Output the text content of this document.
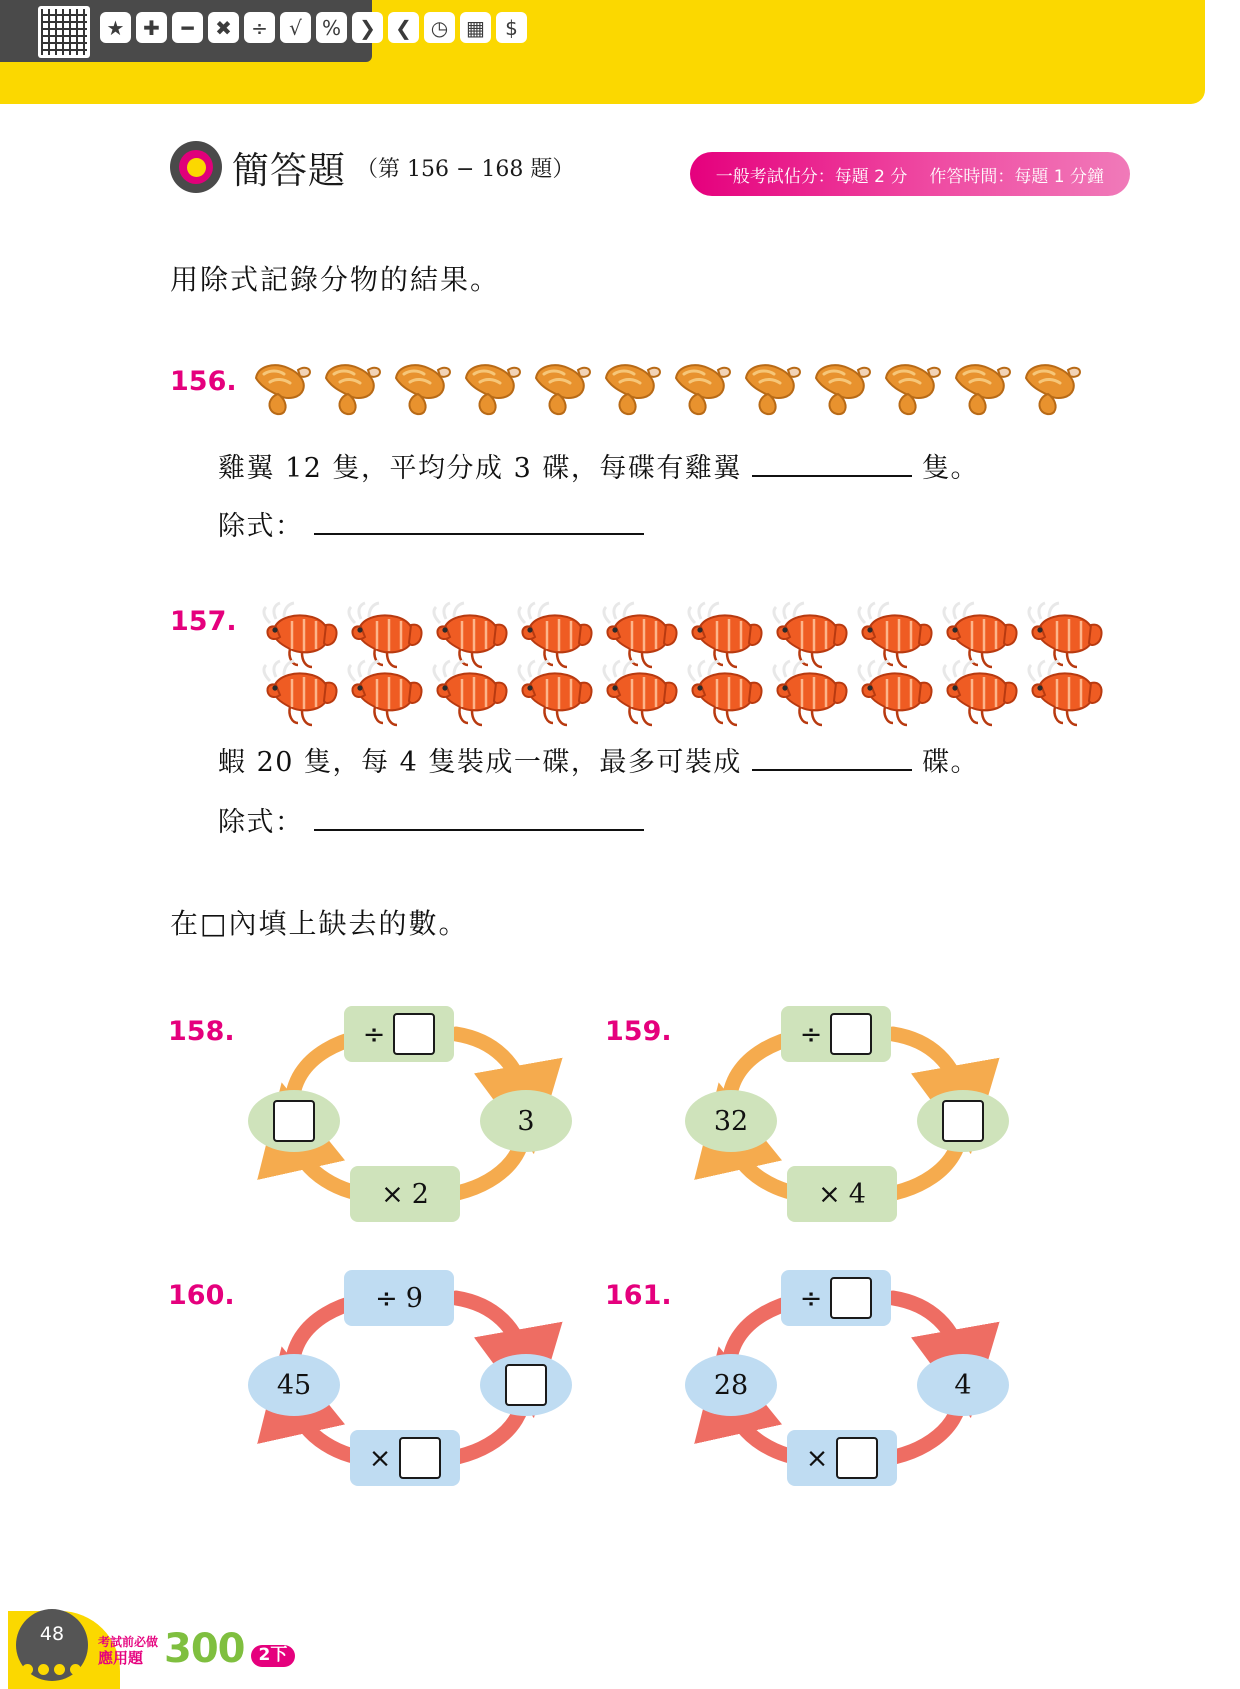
★ ✚	━	✖ ÷	√	% ❯ ❮ ◷ ▦	$
簡答題 （第 156 − 168 題）	一般考試佔分：每題 2 分 作答時間：每題 1 分鐘
用除式記錄分物的結果。
156.
雞翼 12 隻，平均分成 3 碟，每碟有雞翼	隻。
除式：
157.
蝦 20 隻，每 4 隻裝成一碟，最多可裝成	碟。
除式：
在□內填上缺去的數。
158.	÷
3
× 2
159.	÷
32
× 4
160.	÷ 9
45
×
161.	÷
28	4
×
48	考試前必做
應用題 300 2下
